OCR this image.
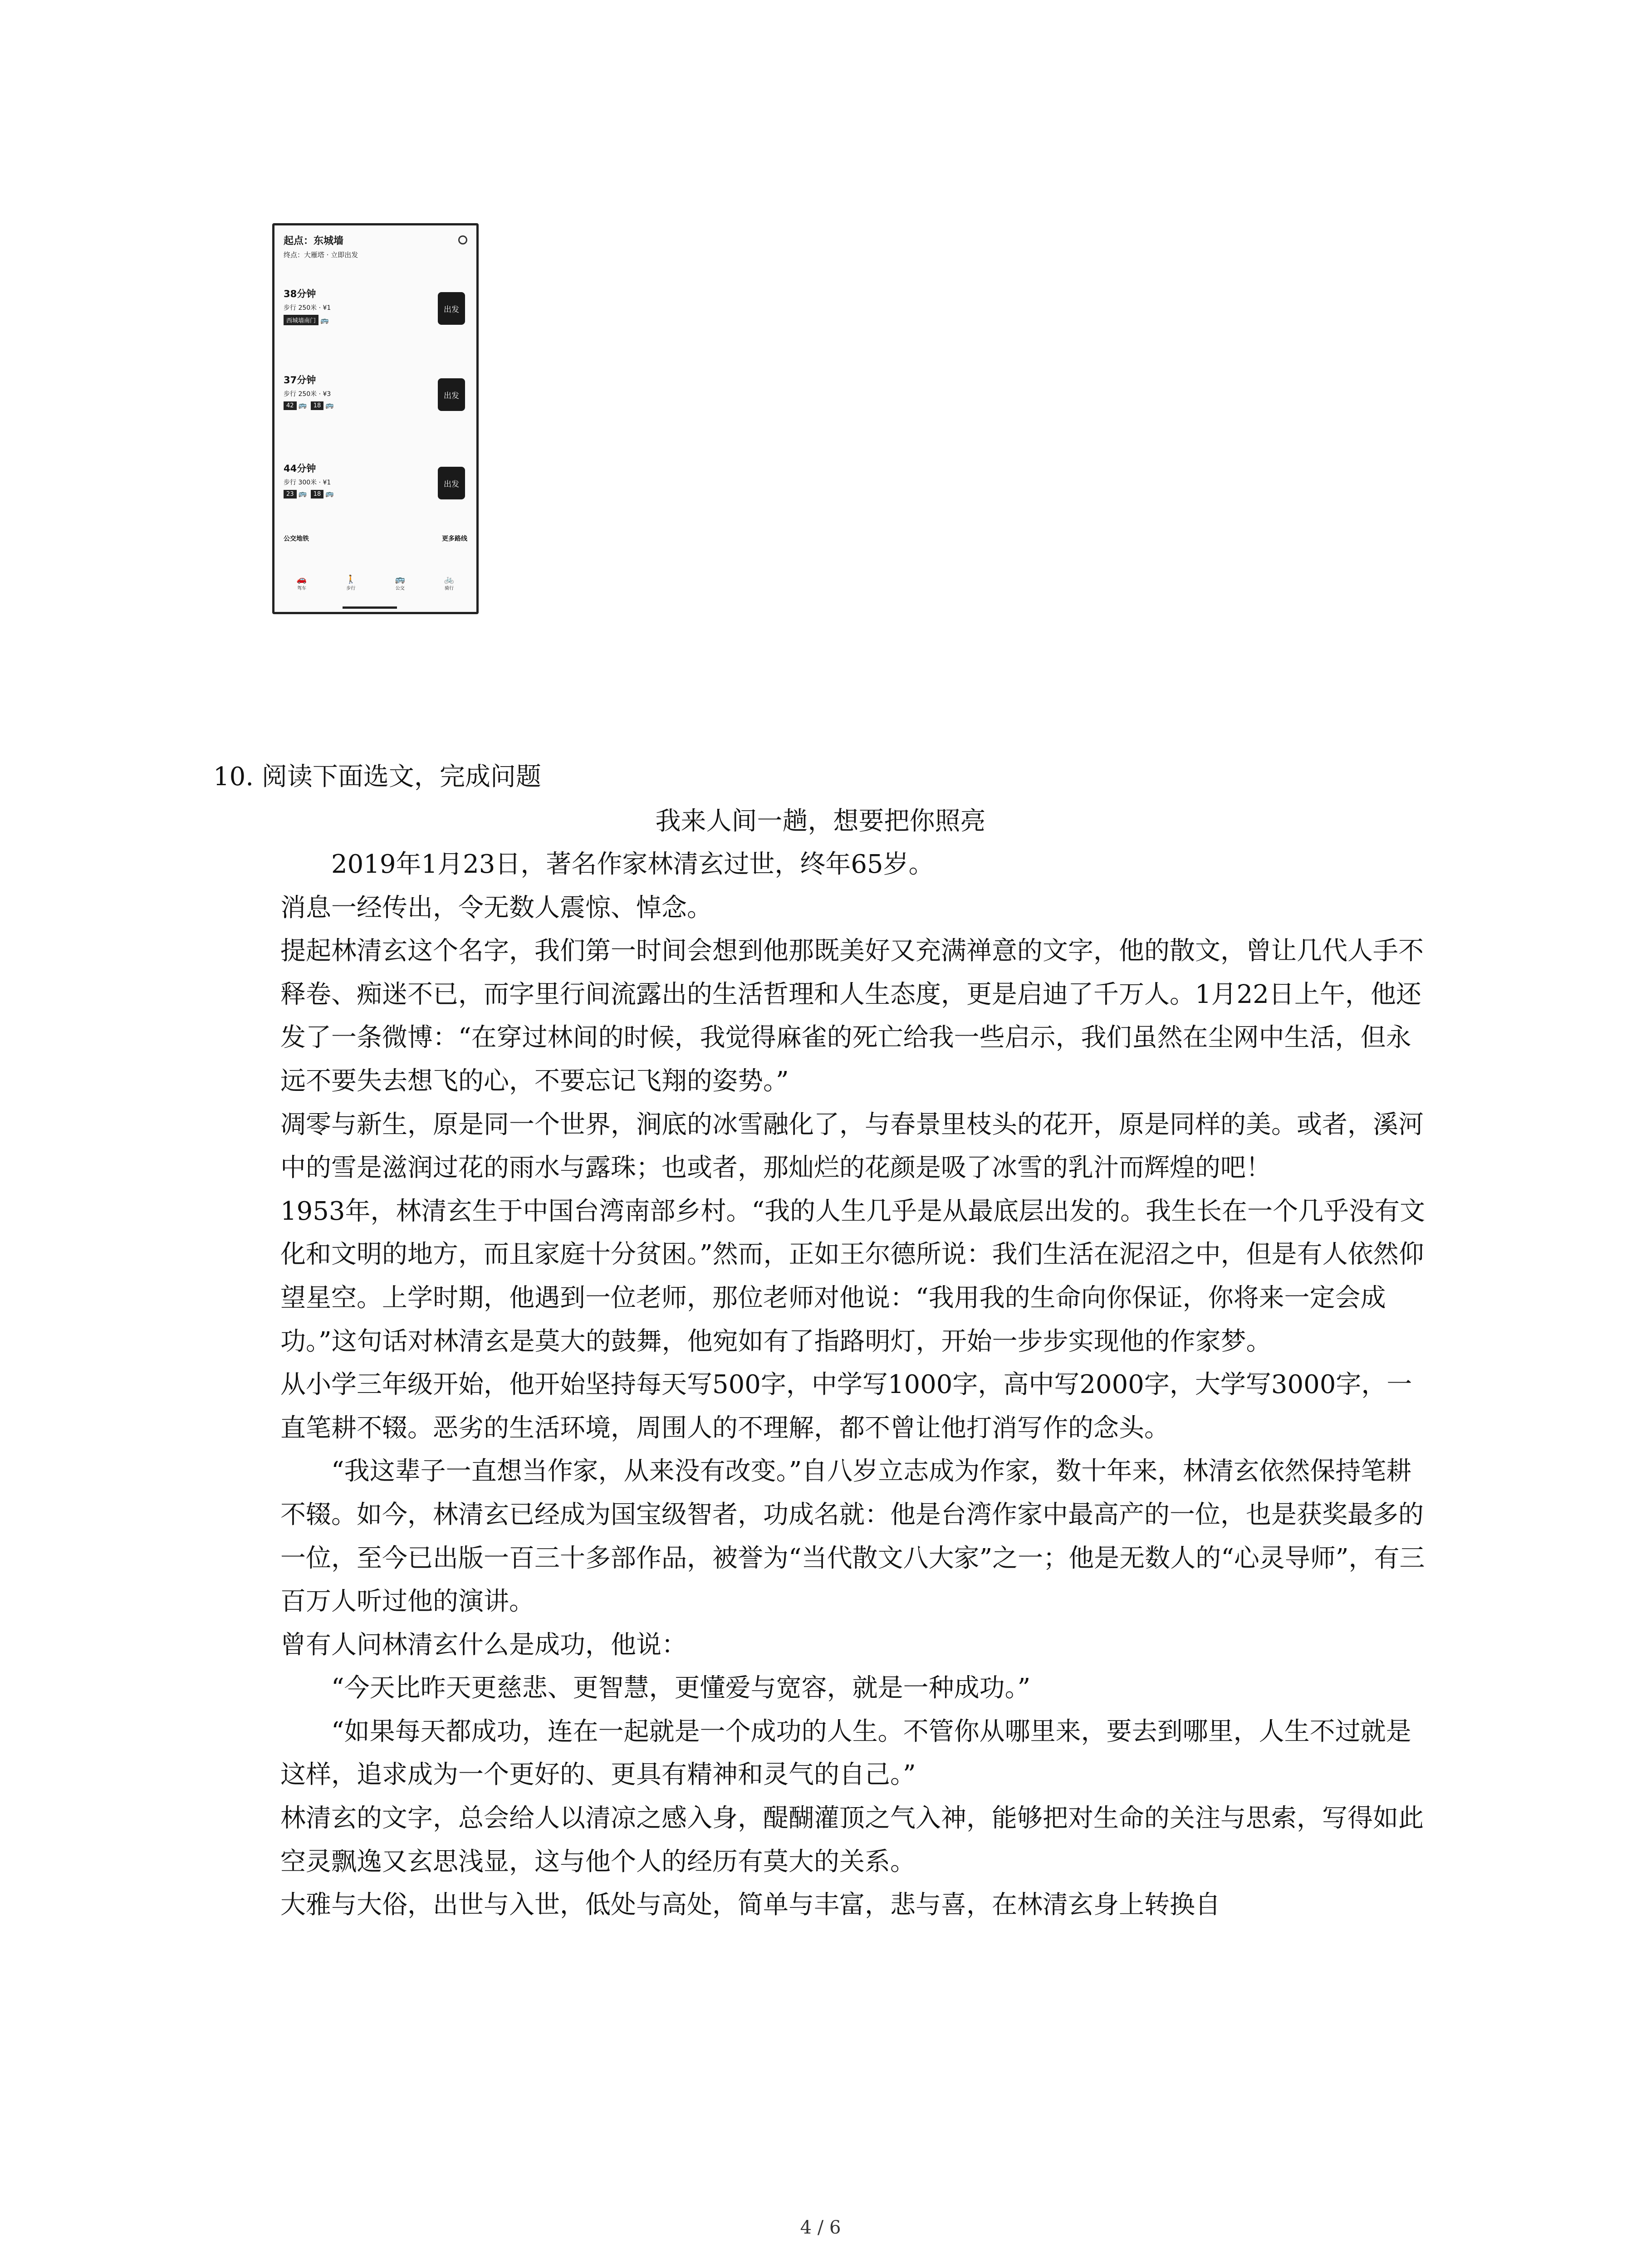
起点：东城墙
终点：大雁塔 · 立即出发
38分钟
步行 250米 · ¥1
西城墙南门 🚌
出发
37分钟
步行 250米 · ¥3
42 🚌 18 🚌
出发
44分钟
步行 300米 · ¥1
23 🚌 18 🚌
出发
公交地铁	更多路线
🚗
驾车
🚶
步行
🚌
公交
🚲
骑行
10. 阅读下面选文，完成问题
我来人间一趟，想要把你照亮

2019年1月23日，著名作家林清玄过世，终年65岁。

消息一经传出，令无数人震惊、悼念。

提起林清玄这个名字，我们第一时间会想到他那既美好又充满禅意的文字，他的散文，曾让几代人手不释卷、痴迷不已，而字里行间流露出的生活哲理和人生态度，更是启迪了千万人。1月22日上午，他还发了一条微博：“在穿过林间的时候，我觉得麻雀的死亡给我一些启示，我们虽然在尘网中生活，但永远不要失去想飞的心，不要忘记飞翔的姿势。”

凋零与新生，原是同一个世界，涧底的冰雪融化了，与春景里枝头的花开，原是同样的美。或者，溪河中的雪是滋润过花的雨水与露珠；也或者，那灿烂的花颜是吸了冰雪的乳汁而辉煌的吧！

1953年，林清玄生于中国台湾南部乡村。“我的人生几乎是从最底层出发的。我生长在一个几乎没有文化和文明的地方，而且家庭十分贫困。”然而，正如王尔德所说：我们生活在泥沼之中，但是有人依然仰望星空。上学时期，他遇到一位老师，那位老师对他说：“我用我的生命向你保证，你将来一定会成功。”这句话对林清玄是莫大的鼓舞，他宛如有了指路明灯，开始一步步实现他的作家梦。

从小学三年级开始，他开始坚持每天写500字，中学写1000字，高中写2000字，大学写3000字，一直笔耕不辍。恶劣的生活环境，周围人的不理解，都不曾让他打消写作的念头。

“我这辈子一直想当作家，从来没有改变。”自八岁立志成为作家，数十年来，林清玄依然保持笔耕不辍。如今，林清玄已经成为国宝级智者，功成名就：他是台湾作家中最高产的一位，也是获奖最多的一位，至今已出版一百三十多部作品，被誉为“当代散文八大家”之一；他是无数人的“心灵导师”，有三百万人听过他的演讲。

曾有人问林清玄什么是成功，他说：

“今天比昨天更慈悲、更智慧，更懂爱与宽容，就是一种成功。”

“如果每天都成功，连在一起就是一个成功的人生。不管你从哪里来，要去到哪里，人生不过就是这样，追求成为一个更好的、更具有精神和灵气的自己。”

林清玄的文字，总会给人以清凉之感入身，醍醐灌顶之气入神，能够把对生命的关注与思索，写得如此空灵飘逸又玄思浅显，这与他个人的经历有莫大的关系。

大雅与大俗，出世与入世，低处与高处，简单与丰富，悲与喜，在林清玄身上转换自

4 / 6
